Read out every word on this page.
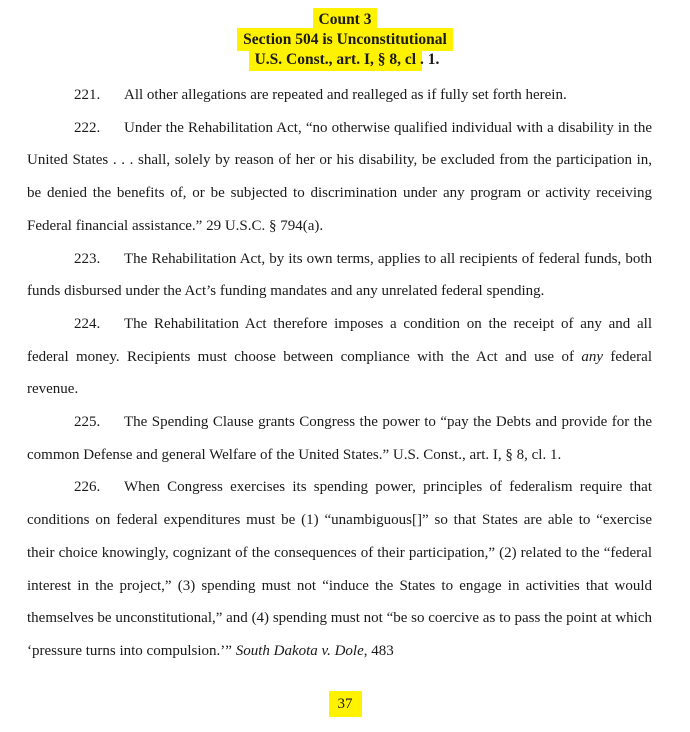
Count 3
Section 504 is Unconstitutional
U.S. Const., art. I, § 8, cl . 1.

221. All other allegations are repeated and realleged as if fully set forth herein.

222. Under the Rehabilitation Act, “no otherwise qualified individual with a disability in the United States . . . shall, solely by reason of her or his disability, be excluded from the participation in, be denied the benefits of, or be subjected to discrimination under any program or activity receiving Federal financial assistance.” 29 U.S.C. § 794(a).

223. The Rehabilitation Act, by its own terms, applies to all recipients of federal funds, both funds disbursed under the Act’s funding mandates and any unrelated federal spending.

224. The Rehabilitation Act therefore imposes a condition on the receipt of any and all federal money. Recipients must choose between compliance with the Act and use of any federal revenue.

225. The Spending Clause grants Congress the power to “pay the Debts and provide for the common Defense and general Welfare of the United States.” U.S. Const., art. I, § 8, cl. 1.

226. When Congress exercises its spending power, principles of federalism require that conditions on federal expenditures must be (1) “unambiguous[]” so that States are able to “exercise their choice knowingly, cognizant of the consequences of their participation,” (2) related to the “federal interest in the project,” (3) spending must not “induce the States to engage in activities that would themselves be unconstitutional,” and (4) spending must not “be so coercive as to pass the point at which ‘pressure turns into compulsion.’” South Dakota v. Dole, 483

37
